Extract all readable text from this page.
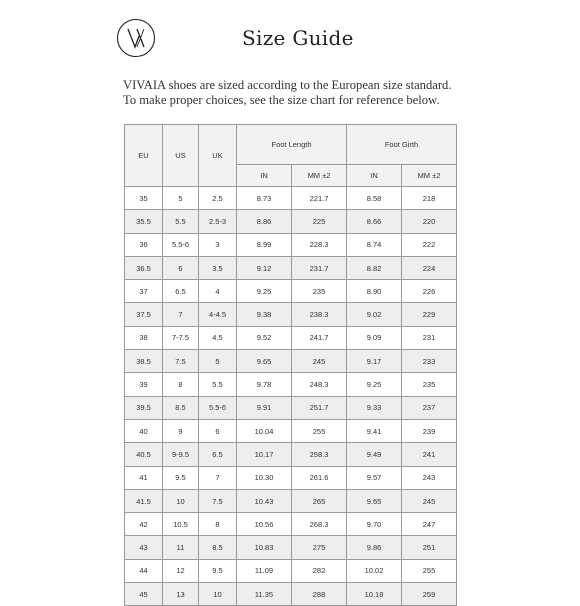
Size Guide
VIVAIA shoes are sized according to the European size standard.
To make proper choices, see the size chart for reference below.
EU	US	UK	Foot Length		Foot Girth	
			IN	MM ±2	IN	MM ±2
35	5	2.5	8.73	221.7	8.58	218
35.5	5.5	2.5-3	8.86	225	8.66	220
36	5.5-6	3	8.99	228.3	8.74	222
36.5	6	3.5	9.12	231.7	8.82	224
37	6.5	4	9.25	235	8.90	226
37.5	7	4-4.5	9.38	238.3	9.02	229
38	7-7.5	4.5	9.52	241.7	9.09	231
38.5	7.5	5	9.65	245	9.17	233
39	8	5.5	9.78	248.3	9.25	235
39.5	8.5	5.5-6	9.91	251.7	9.33	237
40	9	6	10.04	255	9.41	239
40.5	9-9.5	6.5	10.17	258.3	9.49	241
41	9.5	7	10.30	261.6	9.57	243
41.5	10	7.5	10.43	265	9.65	245
42	10.5	8	10.56	268.3	9.70	247
43	11	8.5	10.83	275	9.86	251
44	12	9.5	11.09	282	10.02	255
45	13	10	11.35	288	10.18	259
